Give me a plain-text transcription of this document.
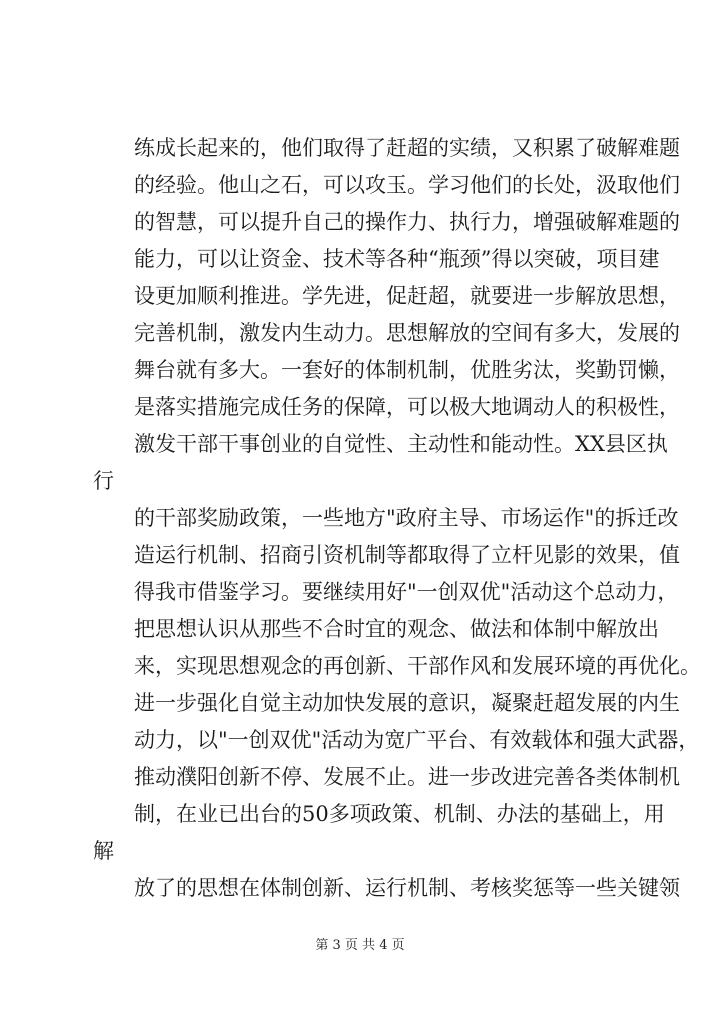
练成长起来的，他们取得了赶超的实绩，又积累了破解难题
的经验。他山之石，可以攻玉。学习他们的长处，汲取他们
的智慧，可以提升自己的操作力、执行力，增强破解难题的
能力，可以让资金、技术等各种“瓶颈”得以突破，项目建
设更加顺利推进。学先进，促赶超，就要进一步解放思想，
完善机制，激发内生动力。思想解放的空间有多大，发展的
舞台就有多大。一套好的体制机制，优胜劣汰，奖勤罚懒，
是落实措施完成任务的保障，可以极大地调动人的积极性，
激发干部干事创业的自觉性、主动性和能动性。XX县区执
行
的干部奖励政策，一些地方"政府主导、市场运作"的拆迁改
造运行机制、招商引资机制等都取得了立杆见影的效果，值
得我市借鉴学习。要继续用好"一创双优"活动这个总动力，
把思想认识从那些不合时宜的观念、做法和体制中解放出
来，实现思想观念的再创新、干部作风和发展环境的再优化。
进一步强化自觉主动加快发展的意识，凝聚赶超发展的内生
动力，以"一创双优"活动为宽广平台、有效载体和强大武器，
推动濮阳创新不停、发展不止。进一步改进完善各类体制机
制，在业已出台的50多项政策、机制、办法的基础上，用
解
放了的思想在体制创新、运行机制、考核奖惩等一些关键领
第 3 页 共 4 页
